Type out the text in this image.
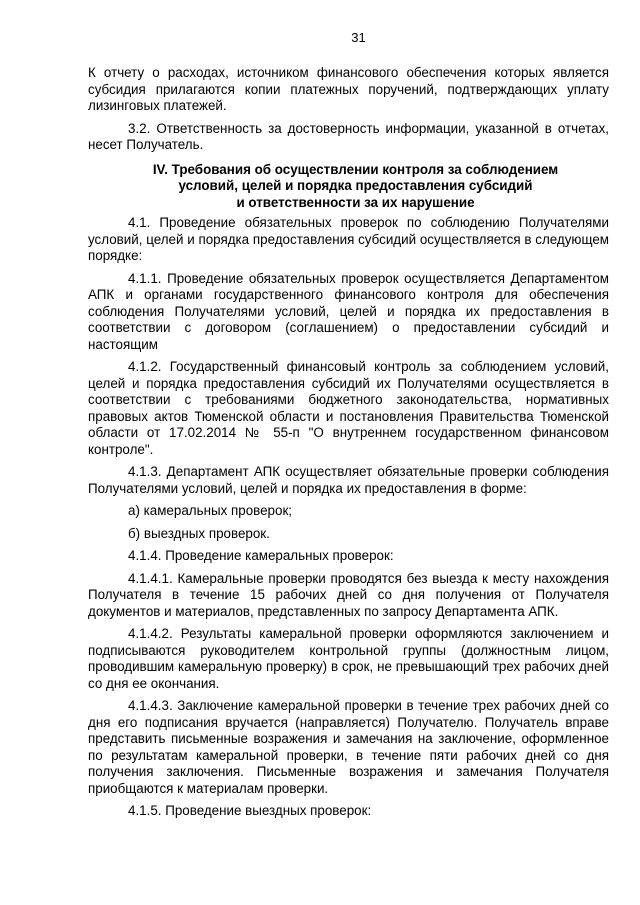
31

К отчету о расходах, источником финансового обеспечения которых является субсидия прилагаются копии платежных поручений, подтверждающих уплату лизинговых платежей.

3.2. Ответственность за достоверность информации, указанной в отчетах, несет Получатель.

IV. Требования об осуществлении контроля за соблюдением
условий, целей и порядка предоставления субсидий
и ответственности за их нарушение

4.1. Проведение обязательных проверок по соблюдению Получателями условий, целей и порядка предоставления субсидий осуществляется в следующем порядке:

4.1.1. Проведение обязательных проверок осуществляется Департаментом АПК и органами государственного финансового контроля для обеспечения соблюдения Получателями условий, целей и порядка их предоставления в соответствии с договором (соглашением) о предоставлении субсидий и настоящим

4.1.2. Государственный финансовый контроль за соблюдением условий, целей и порядка предоставления субсидий их Получателями осуществляется в соответствии с требованиями бюджетного законодательства, нормативных правовых актов Тюменской области и постановления Правительства Тюменской области от 17.02.2014 № 55-п "О внутреннем государственном финансовом контроле".

4.1.3. Департамент АПК осуществляет обязательные проверки соблюдения Получателями условий, целей и порядка их предоставления в форме:

а) камеральных проверок;

б) выездных проверок.

4.1.4. Проведение камеральных проверок:

4.1.4.1. Камеральные проверки проводятся без выезда к месту нахождения Получателя в течение 15 рабочих дней со дня получения от Получателя документов и материалов, представленных по запросу Департамента АПК.

4.1.4.2. Результаты камеральной проверки оформляются заключением и подписываются руководителем контрольной группы (должностным лицом, проводившим камеральную проверку) в срок, не превышающий трех рабочих дней со дня ее окончания.

4.1.4.3. Заключение камеральной проверки в течение трех рабочих дней со дня его подписания вручается (направляется) Получателю. Получатель вправе представить письменные возражения и замечания на заключение, оформленное по результатам камеральной проверки, в течение пяти рабочих дней со дня получения заключения. Письменные возражения и замечания Получателя приобщаются к материалам проверки.

4.1.5. Проведение выездных проверок:
